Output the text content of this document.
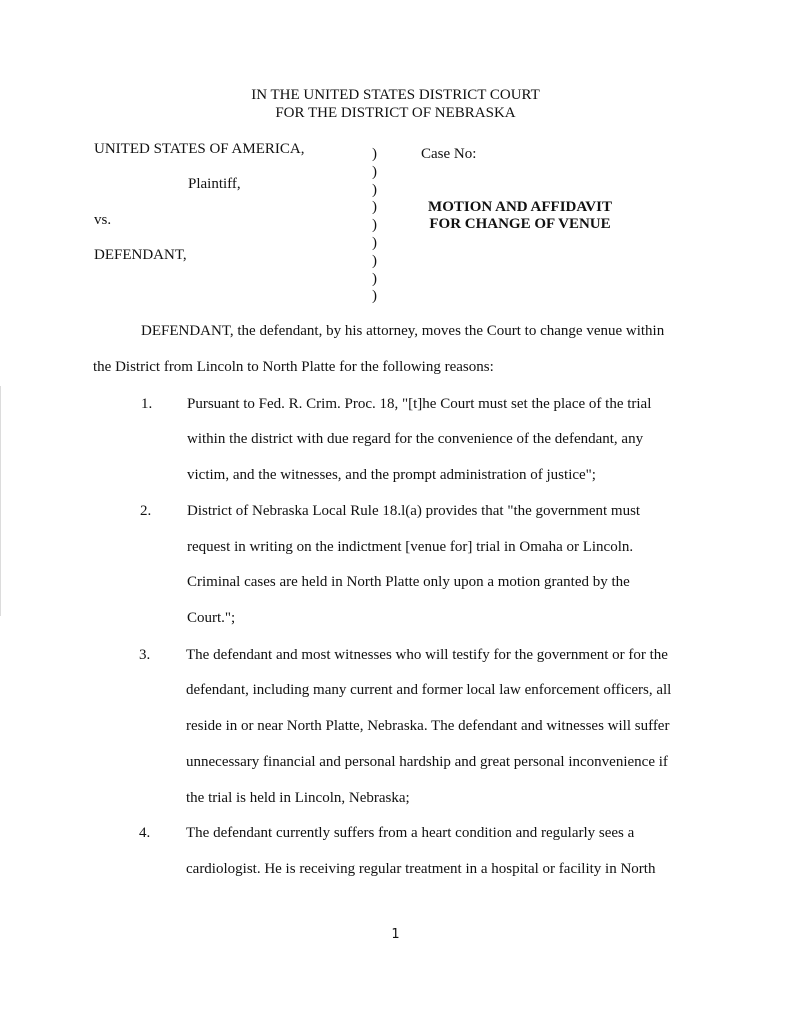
IN THE UNITED STATES DISTRICT COURT
FOR THE DISTRICT OF NEBRASKA
UNITED STATES OF AMERICA,
Plaintiff,
vs.
DEFENDANT,
)
)
)
)
)
)
)
)
)
Case No:
MOTION AND AFFIDAVIT
FOR CHANGE OF VENUE
DEFENDANT, the defendant, by his attorney, moves the Court to change venue within
the District from Lincoln to North Platte for the following reasons:
1. Pursuant to Fed. R. Crim. Proc. 18, "[t]he Court must set the place of the trial
within the district with due regard for the convenience of the defendant, any
victim, and the witnesses, and the prompt administration of justice";
2. District of Nebraska Local Rule 18.l(a) provides that "the government must
request in writing on the indictment [venue for] trial in Omaha or Lincoln.
Criminal cases are held in North Platte only upon a motion granted by the
Court.";
3. The defendant and most witnesses who will testify for the government or for the
defendant, including many current and former local law enforcement officers, all
reside in or near North Platte, Nebraska. The defendant and witnesses will suffer
unnecessary financial and personal hardship and great personal inconvenience if
the trial is held in Lincoln, Nebraska;
4. The defendant currently suffers from a heart condition and regularly sees a
cardiologist. He is receiving regular treatment in a hospital or facility in North
1
